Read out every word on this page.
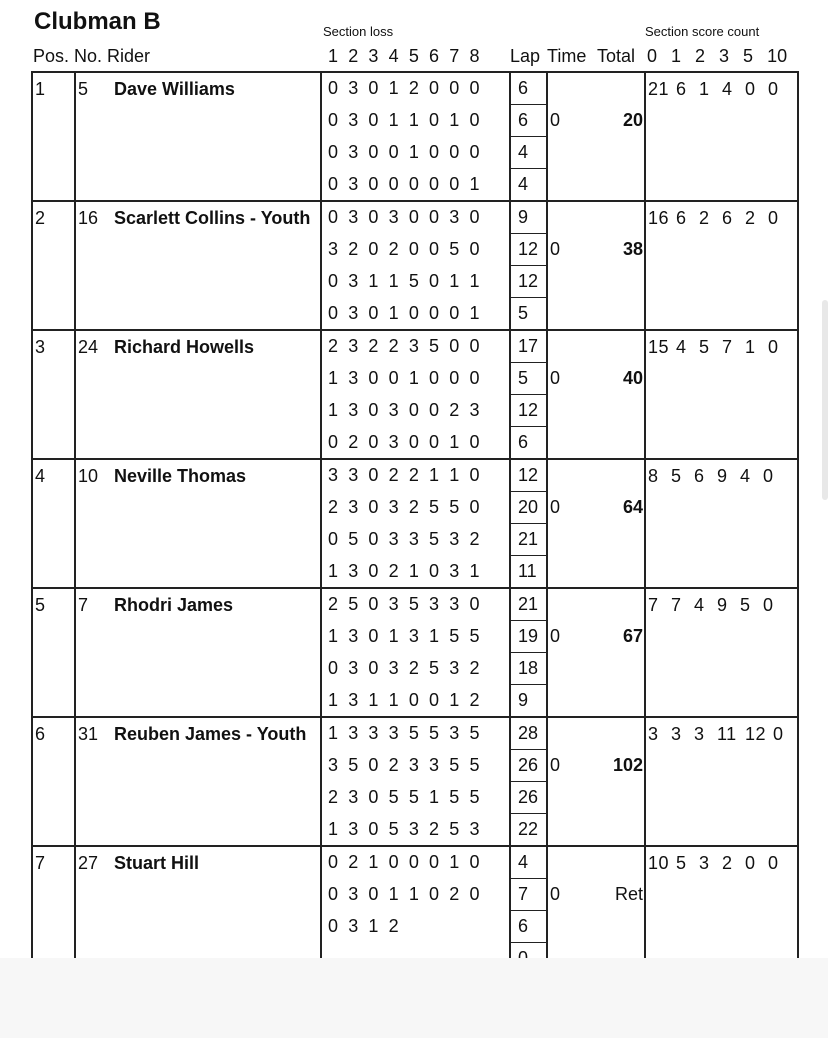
Clubman B	Section loss	Section score count
Pos. No. Rider	1 2 3 4 5 6 7 8 Lap Time Total 0  1  2  3  5  10
1	5 Dave Williams	0 3 0 1 2 0 0 0	6			21 6 1 4 0 0
		0 3 0 1 1 0 1 0	6	0	20	
		0 3 0 0 1 0 0 0	4			
		0 3 0 0 0 0 0 1	4			
2	16 Scarlett Collins - Youth	0 3 0 3 0 0 3 0	9			16 6 2 6 2 0
		3 2 0 2 0 0 5 0	12	0	38	
		0 3 1 1 5 0 1 1	12			
		0 3 0 1 0 0 0 1	5			
3	24 Richard Howells	2 3 2 2 3 5 0 0	17			15 4 5 7 1 0
		1 3 0 0 1 0 0 0	5	0	40	
		1 3 0 3 0 0 2 3	12			
		0 2 0 3 0 0 1 0	6			
4	10 Neville Thomas	3 3 0 2 2 1 1 0	12			8 5 6 9 4 0
		2 3 0 3 2 5 5 0	20	0	64	
		0 5 0 3 3 5 3 2	21			
		1 3 0 2 1 0 3 1	11			
5	7 Rhodri James	2 5 0 3 5 3 3 0	21			7 7 4 9 5 0
		1 3 0 1 3 1 5 5	19	0	67	
		0 3 0 3 2 5 3 2	18			
		1 3 1 1 0 0 1 2	9			
6	31 Reuben James - Youth	1 3 3 3 5 5 3 5	28			3 3 3 11 12 0
		3 5 0 2 3 3 5 5	26	0	102	
		2 3 0 5 5 1 5 5	26			
		1 3 0 5 3 2 5 3	22			
7	27 Stuart Hill	0 2 1 0 0 0 1 0	4			10 5 3 2 0 0
		0 3 0 1 1 0 2 0	7	0	Ret	
		0 3 1 2	6			
